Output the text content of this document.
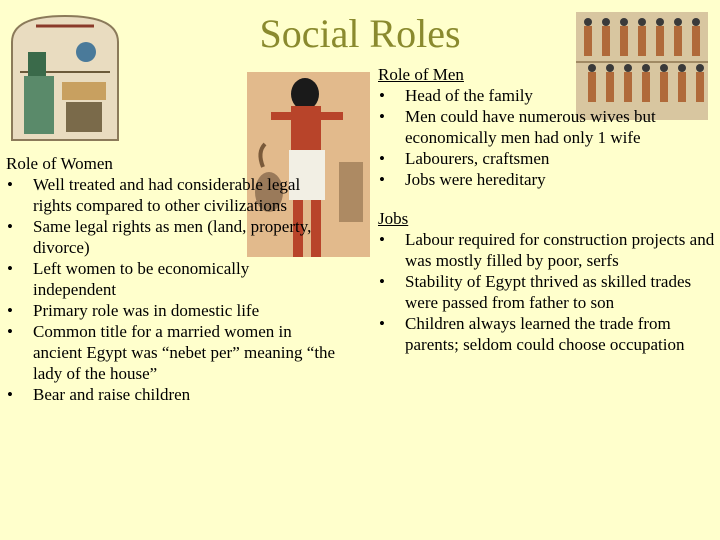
Social Roles
Role of Women
• Well treated and had considerable legal rights compared to other civilizations
• Same legal rights as men (land, property, divorce)
• Left women to be economically independent
• Primary role was in domestic life
• Common title for a married women in ancient Egypt was “nebet per” meaning “the lady of the house”
• Bear and raise children
Role of Men
• Head of the family
• Men could have numerous wives but economically men had only 1 wife
• Labourers, craftsmen
• Jobs were hereditary
Jobs
• Labour required for construction projects and was mostly filled by poor, serfs
• Stability of Egypt thrived as skilled trades were passed from father to son
• Children always learned the trade from parents; seldom could choose occupation
